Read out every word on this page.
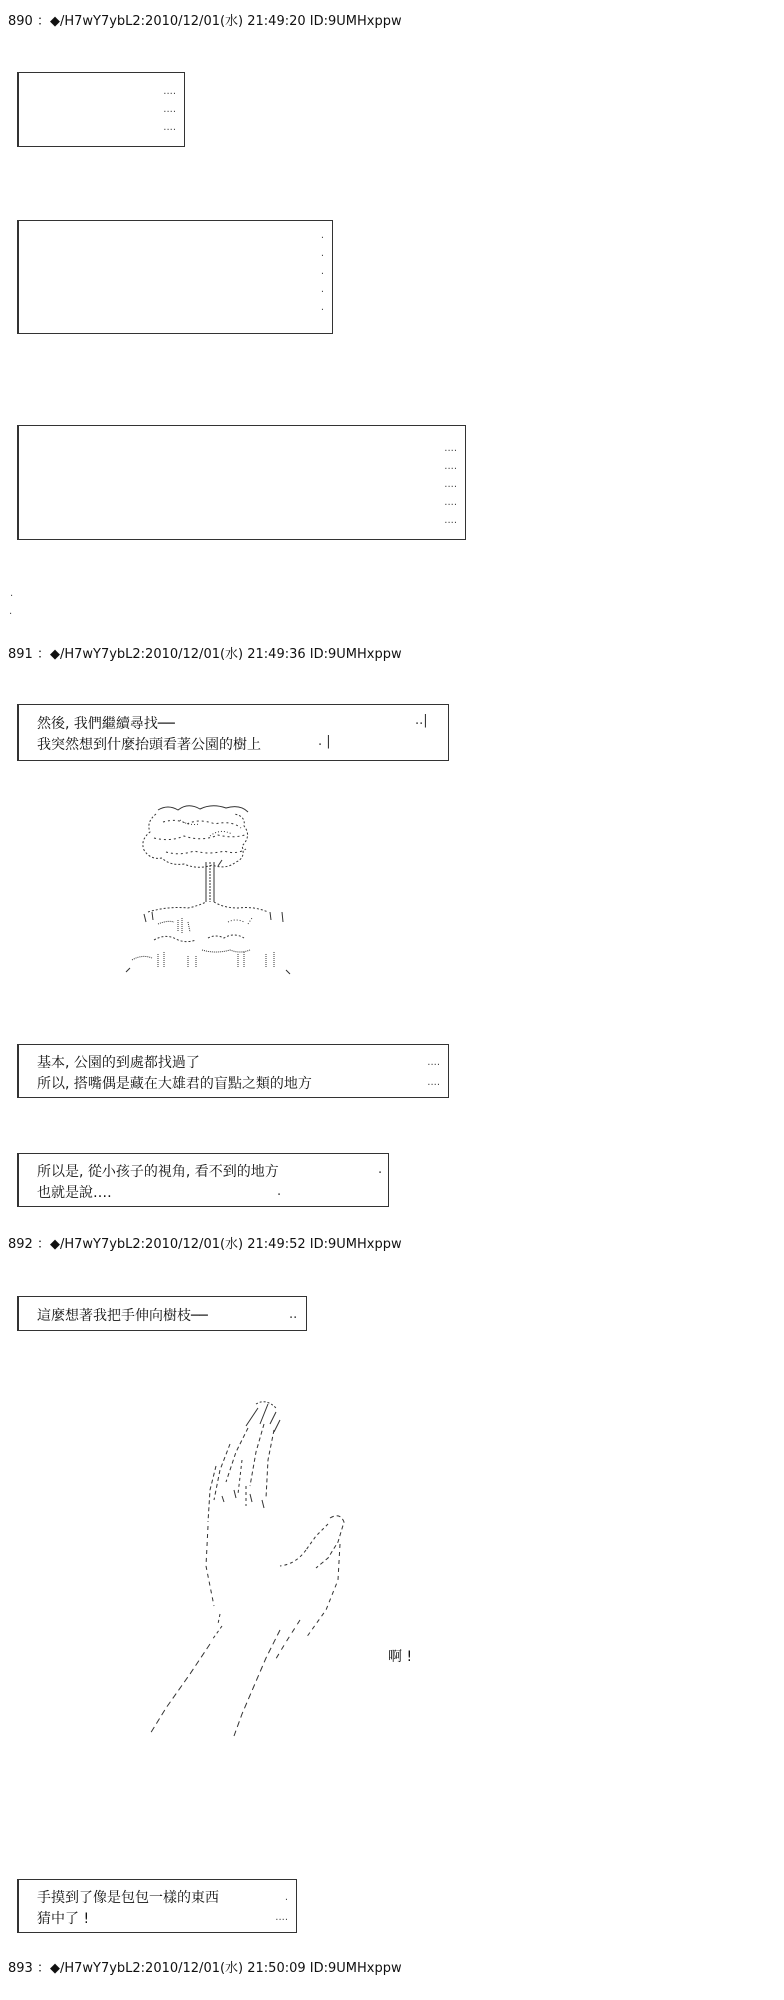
890 ：◆/H7wY7ybL2:2010/12/01(水) 21:49:20 ID:9UMHxppw
....
....
....
.
.
.
.
.
....
....
....
....
....
.
.
891 ：◆/H7wY7ybL2:2010/12/01(水) 21:49:36 ID:9UMHxppw
然後, 我們繼續尋找──
我突然想到什麼抬頭看著公園的樹上
..|
. |
基本, 公園的到處都找過了
所以, 搭嘴偶是藏在大雄君的盲點之類的地方
....
....
所以是, 從小孩子的視角, 看不到的地方
也就是說‥‥
.
.
892 ：◆/H7wY7ybL2:2010/12/01(水) 21:49:52 ID:9UMHxppw
這麼想著我把手伸向樹枝──	..
啊 !
手摸到了像是包包一樣的東西
猜中了 !
.
....
893 ：◆/H7wY7ybL2:2010/12/01(水) 21:50:09 ID:9UMHxppw
